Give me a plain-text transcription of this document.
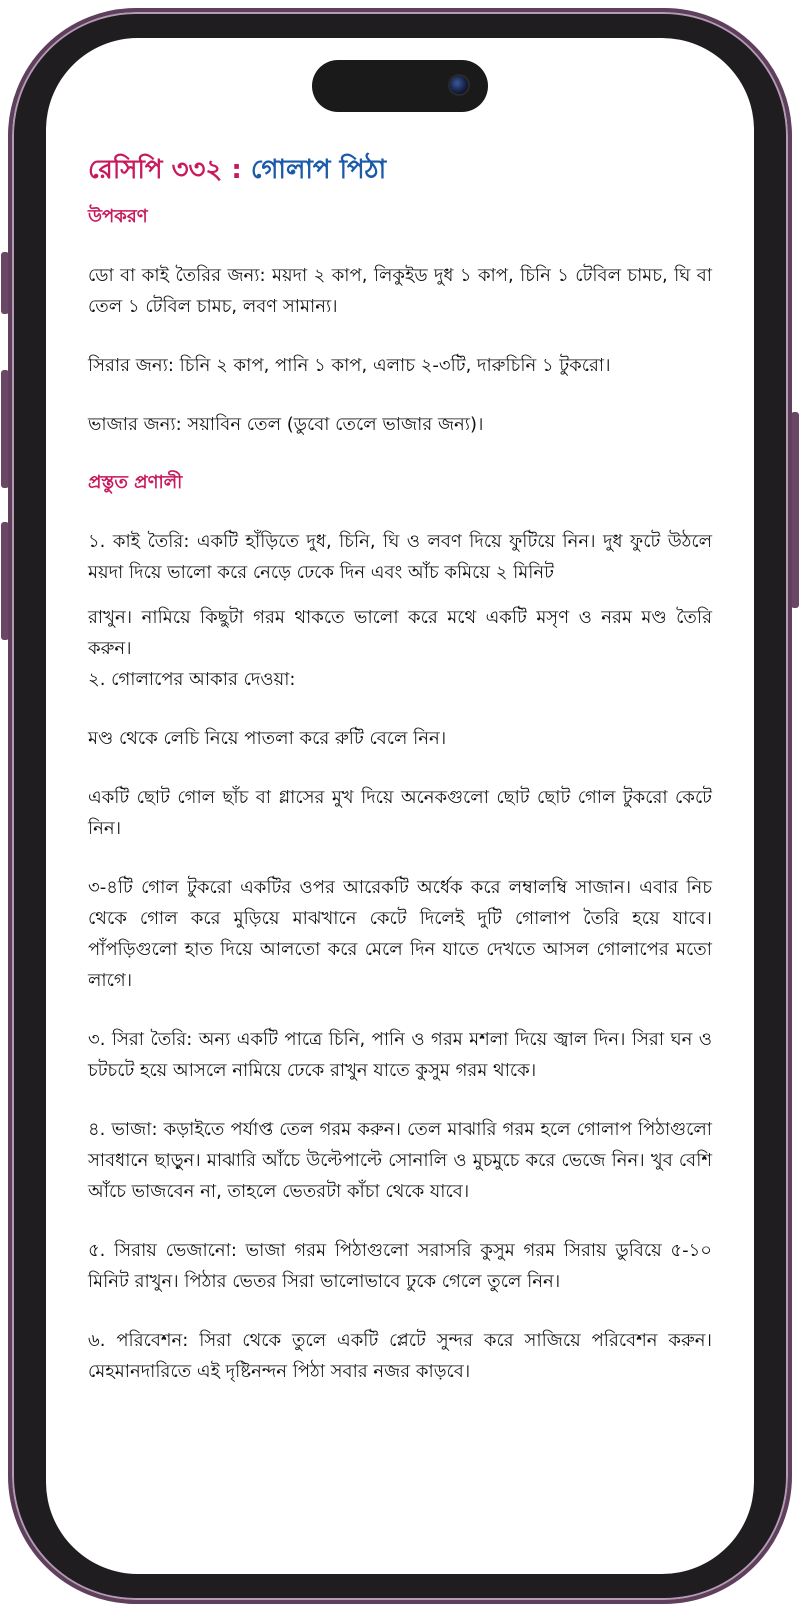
রেসিপি ৩৩২ : গোলাপ পিঠা
উপকরণ

ডো বা কাই তৈরির জন্য: ময়দা ২ কাপ, লিকুইড দুধ ১ কাপ, চিনি ১ টেবিল চামচ, ঘি বা তেল ১ টেবিল চামচ, লবণ সামান্য।

সিরার জন্য: চিনি ২ কাপ, পানি ১ কাপ, এলাচ ২-৩টি, দারুচিনি ১ টুকরো।

ভাজার জন্য: সয়াবিন তেল (ডুবো তেলে ভাজার জন্য)।

প্রস্তুত প্রণালী

১. কাই তৈরি: একটি হাঁড়িতে দুধ, চিনি, ঘি ও লবণ দিয়ে ফুটিয়ে নিন। দুধ ফুটে উঠলে ময়দা দিয়ে ভালো করে নেড়ে ঢেকে দিন এবং আঁচ কমিয়ে ২ মিনিট

রাখুন। নামিয়ে কিছুটা গরম থাকতে ভালো করে মথে একটি মসৃণ ও নরম মণ্ড তৈরি করুন।

২. গোলাপের আকার দেওয়া:

মণ্ড থেকে লেচি নিয়ে পাতলা করে রুটি বেলে নিন।

একটি ছোট গোল ছাঁচ বা গ্লাসের মুখ দিয়ে অনেকগুলো ছোট ছোট গোল টুকরো কেটে নিন।

৩-৪টি গোল টুকরো একটির ওপর আরেকটি অর্ধেক করে লম্বালম্বি সাজান। এবার নিচ থেকে গোল করে মুড়িয়ে মাঝখানে কেটে দিলেই দুটি গোলাপ তৈরি হয়ে যাবে। পাঁপড়িগুলো হাত দিয়ে আলতো করে মেলে দিন যাতে দেখতে আসল গোলাপের মতো লাগে।

৩. সিরা তৈরি: অন্য একটি পাত্রে চিনি, পানি ও গরম মশলা দিয়ে জ্বাল দিন। সিরা ঘন ও চটচটে হয়ে আসলে নামিয়ে ঢেকে রাখুন যাতে কুসুম গরম থাকে।

৪. ভাজা: কড়াইতে পর্যাপ্ত তেল গরম করুন। তেল মাঝারি গরম হলে গোলাপ পিঠাগুলো সাবধানে ছাড়ুন। মাঝারি আঁচে উল্টেপাল্টে সোনালি ও মুচমুচে করে ভেজে নিন। খুব বেশি আঁচে ভাজবেন না, তাহলে ভেতরটা কাঁচা থেকে যাবে।

৫. সিরায় ভেজানো: ভাজা গরম পিঠাগুলো সরাসরি কুসুম গরম সিরায় ডুবিয়ে ৫-১০ মিনিট রাখুন। পিঠার ভেতর সিরা ভালোভাবে ঢুকে গেলে তুলে নিন।

৬. পরিবেশন: সিরা থেকে তুলে একটি প্লেটে সুন্দর করে সাজিয়ে পরিবেশন করুন। মেহমানদারিতে এই দৃষ্টিনন্দন পিঠা সবার নজর কাড়বে।
